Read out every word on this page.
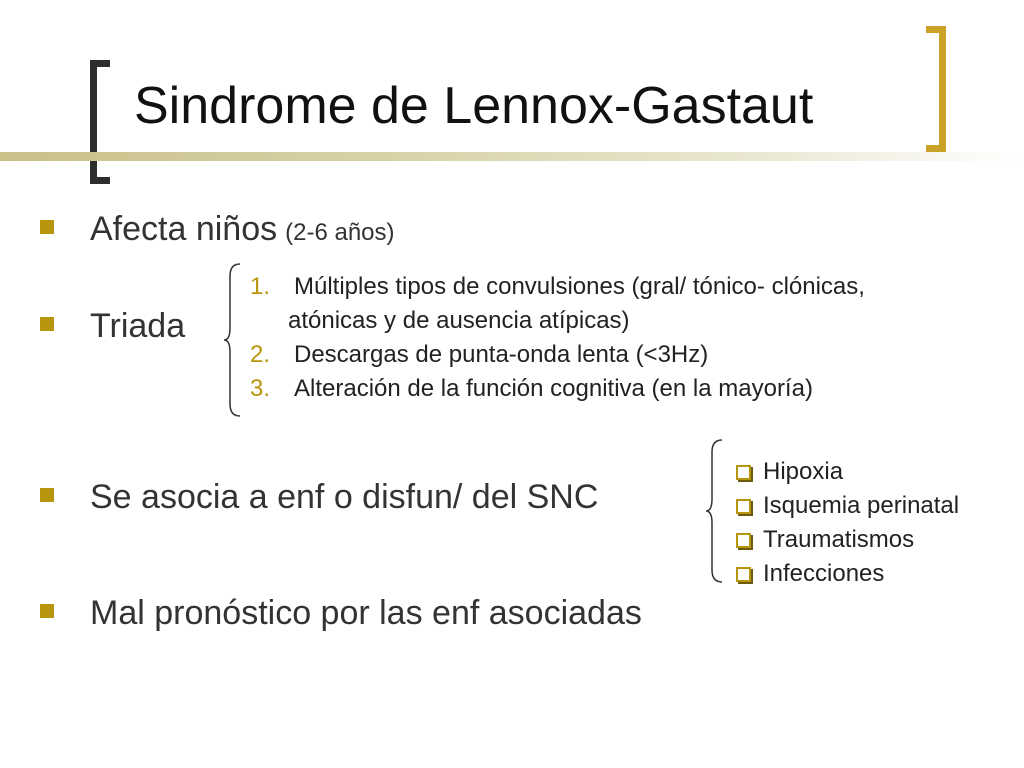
Sindrome de Lennox-Gastaut
Afecta niños (2-6 años)
Triada
1. Múltiples tipos de convulsiones (gral/ tónico- clónicas,
atónicas y de ausencia atípicas)
2. Descargas de punta-onda lenta (<3Hz)
3. Alteración de la función cognitiva (en la mayoría)
Se asocia a enf o disfun/ del SNC
Hipoxia
Isquemia perinatal
Traumatismos
Infecciones
Mal pronóstico por las enf asociadas
